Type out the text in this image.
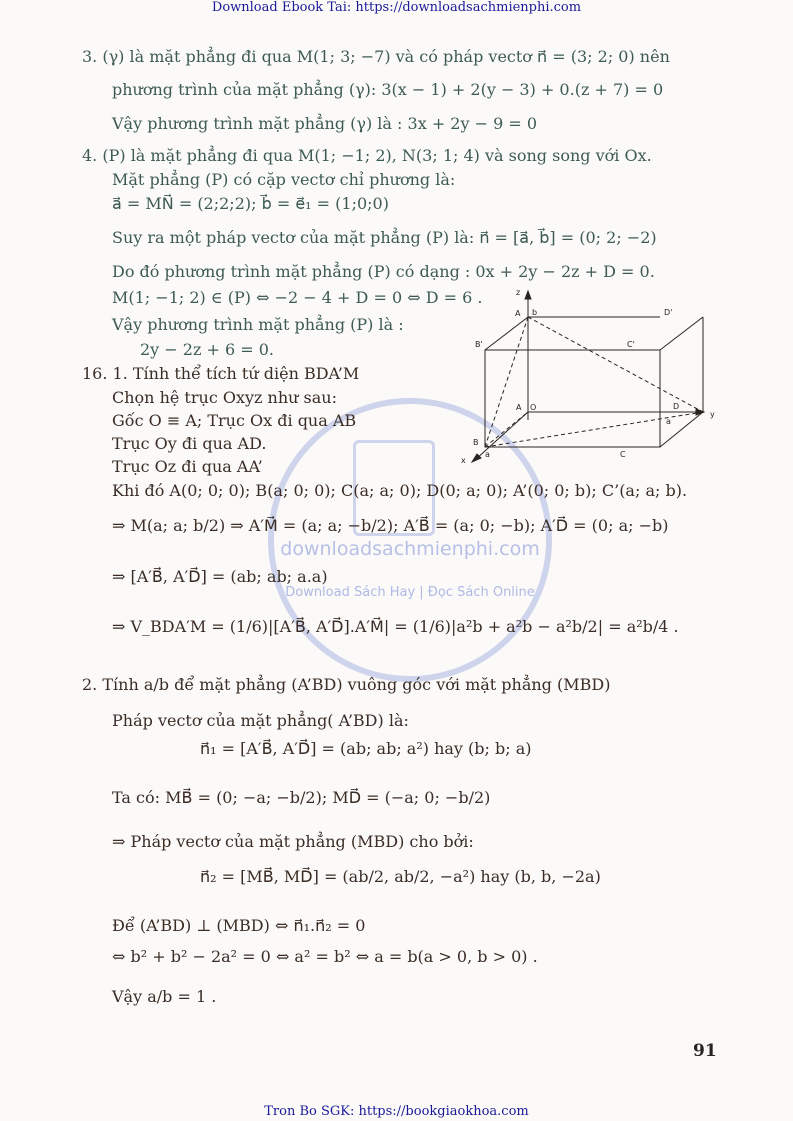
Download Ebook Tai: https://downloadsachmienphi.com
downloadsachmienphi.com
Download Sách Hay | Đọc Sách Online
3. (γ) là mặt phẳng đi qua M(1; 3; −7) và có pháp vectơ n⃗ = (3; 2; 0) nên
phương trình của mặt phẳng (γ): 3(x − 1) + 2(y − 3) + 0.(z + 7) = 0
Vậy phương trình mặt phẳng (γ) là : 3x + 2y − 9 = 0
4. (P) là mặt phẳng đi qua M(1; −1; 2), N(3; 1; 4) và song song với Ox.
Mặt phẳng (P) có cặp vectơ chỉ phương là:
a⃗ = MN⃗ = (2;2;2); b⃗ = e⃗₁ = (1;0;0)
Suy ra một pháp vectơ của mặt phẳng (P) là: n⃗ = [a⃗, b⃗] = (0; 2; −2)
Do đó phương trình mặt phẳng (P) có dạng : 0x + 2y − 2z + D = 0.
M(1; −1; 2) ∈ (P) ⇔ −2 − 4 + D = 0 ⇔ D = 6 .
Vậy phương trình mặt phẳng (P) là :
2y − 2z + 6 = 0.
16. 1. Tính thể tích tứ diện BDA’M
Chọn hệ trục Oxyz như sau:
Gốc O ≡ A; Trục Ox đi qua AB
Trục Oy đi qua AD.
Trục Oz đi qua AA’
Khi đó A(0; 0; 0); B(a; 0; 0); C(a; a; 0); D(0; a; 0); A’(0; 0; b); C’(a; a; b).
⇒ M(a; a; b/2) ⇒ A′M⃗ = (a; a; −b/2); A′B⃗ = (a; 0; −b); A′D⃗ = (0; a; −b)
⇒ [A′B⃗, A′D⃗] = (ab; ab; a.a)
⇒ V_BDA′M = (1/6)|[A′B⃗, A′D⃗].A′M⃗| = (1/6)|a²b + a²b − a²b/2| = a²b/4 .
2. Tính a/b để mặt phẳng (A’BD) vuông góc với mặt phẳng (MBD)
Pháp vectơ của mặt phẳng( A’BD) là:
n⃗₁ = [A′B⃗, A′D⃗] = (ab; ab; a²) hay (b; b; a)
Ta có: MB⃗ = (0; −a; −b/2); MD⃗ = (−a; 0; −b/2)
⇒ Pháp vectơ của mặt phẳng (MBD) cho bởi:
n⃗₂ = [MB⃗, MD⃗] = (ab/2, ab/2, −a²) hay (b, b, −2a)
Để (A’BD) ⊥ (MBD) ⇔ n⃗₁.n⃗₂ = 0
⇔ b² + b² − 2a² = 0 ⇔ a² = b² ⇔ a = b(a > 0, b > 0) .
Vậy a/b = 1 .
z
y
x
A b	D'
B'	C'
A O	D
a
B
a	C
91
Tron Bo SGK: https://bookgiaokhoa.com
